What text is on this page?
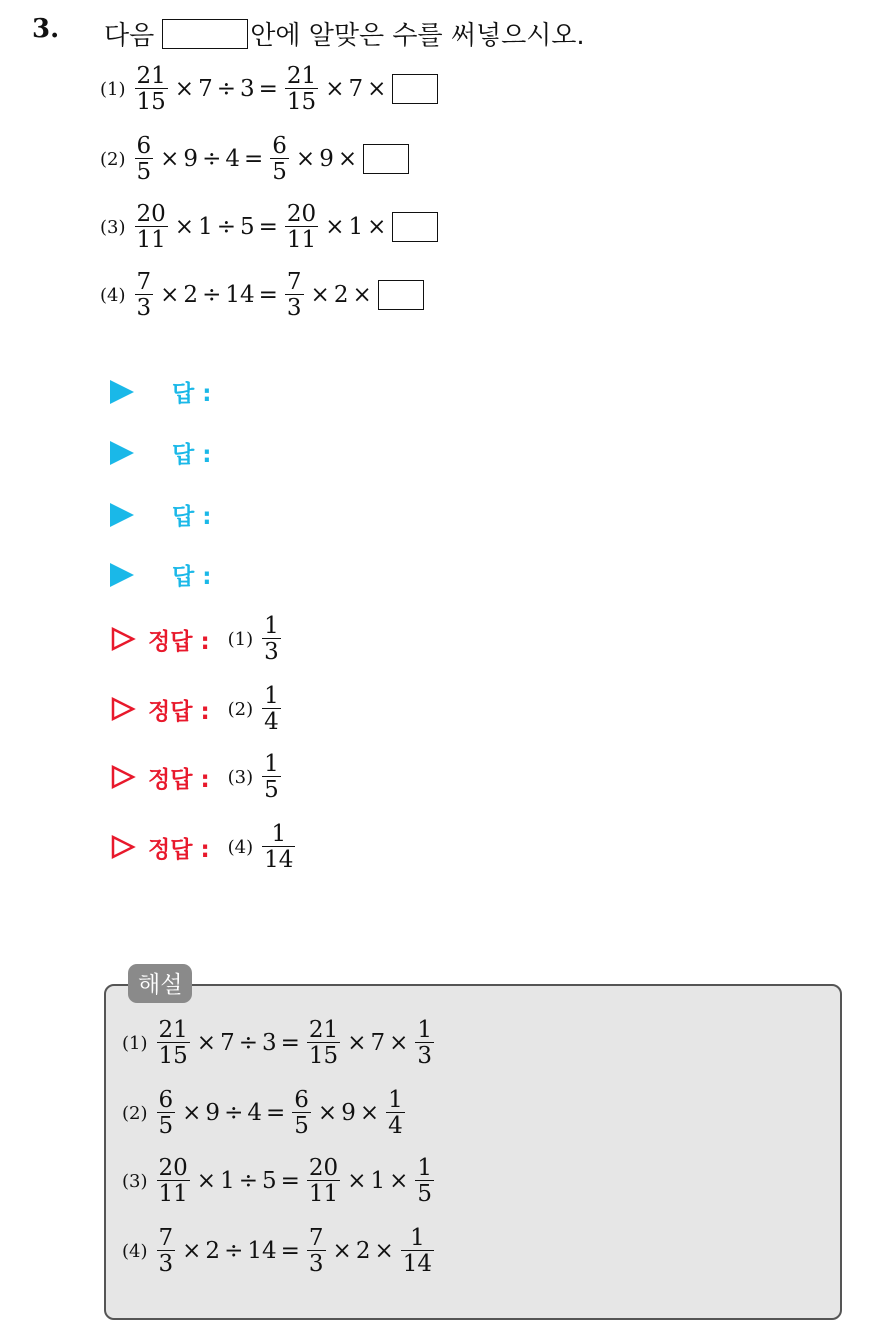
3. 다음	안에 알맞은 수를 써넣으시오.
$(1) \frac{21}{15} \times 7 \div 3 = \frac{21}{15} \times 7$ ×
$(2) \frac{6}{5} \times 9 \div 4 = \frac{6}{5} \times 9$ ×
$(3) \frac{20}{11} \times 1 \div 5 = \frac{20}{11} \times 1$ ×
$(4) \frac{7}{3} \times 2 \div 14 = \frac{7}{3} \times 2$ ×
답 :
답 :
답 :
답 :
정답 : $(1) \frac{1}{3}$
정답 : $(2) \frac{1}{4}$
정답 : $(3) \frac{1}{5}$
정답 : $(4) \frac{1}{14}$
해설
$(1) \frac{21}{15} \times 7 \div 3 = \frac{21}{15} \times 7 \times \frac{1}{3}$
$(2) \frac{6}{5} \times 9 \div 4 = \frac{6}{5} \times 9 \times \frac{1}{4}$
$(3) \frac{20}{11} \times 1 \div 5 = \frac{20}{11} \times 1 \times \frac{1}{5}$
$(4) \frac{7}{3} \times 2 \div 14 = \frac{7}{3} \times 2 \times \frac{1}{14}$
